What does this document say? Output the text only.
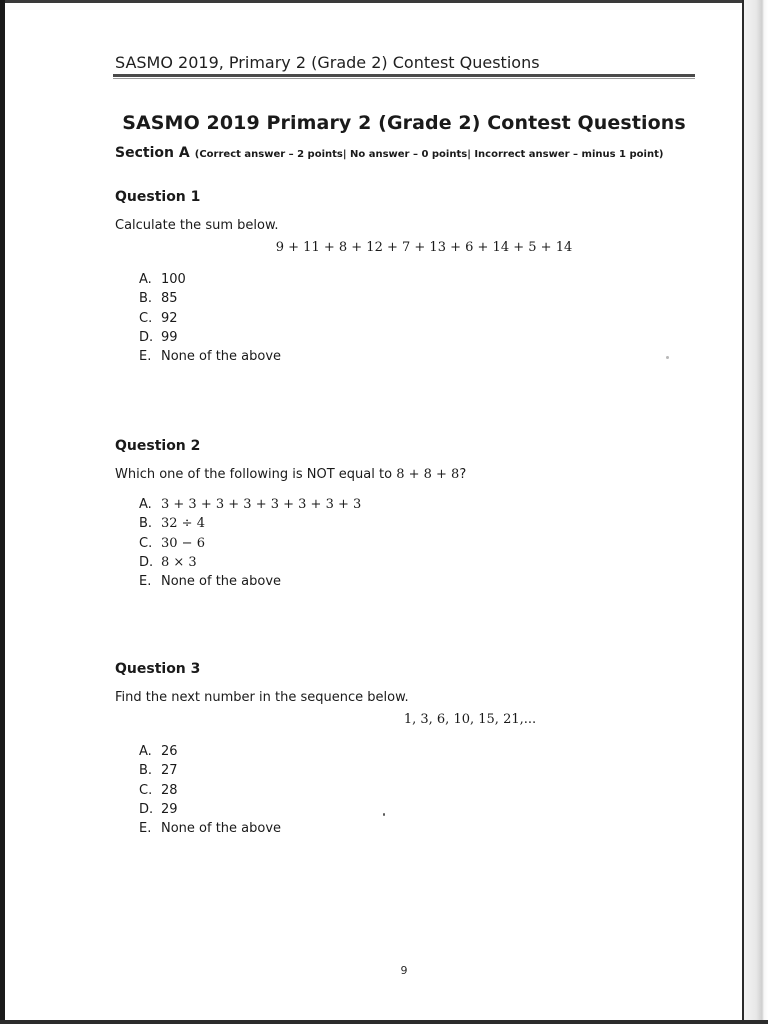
SASMO 2019, Primary 2 (Grade 2) Contest Questions
SASMO 2019 Primary 2 (Grade 2) Contest Questions
Section A (Correct answer – 2 points| No answer – 0 points| Incorrect answer – minus 1 point)
Question 1
Calculate the sum below.
9 + 11 + 8 + 12 + 7 + 13 + 6 + 14 + 5 + 14
A. 100
B. 85
C. 92
D. 99
E. None of the above
Question 2
Which one of the following is NOT equal to 8 + 8 + 8?
A. 3 + 3 + 3 + 3 + 3 + 3 + 3 + 3
B. 32 ÷ 4
C. 30 − 6
D. 8 × 3
E. None of the above
Question 3
Find the next number in the sequence below.
1, 3, 6, 10, 15, 21,...
A. 26
B. 27
C. 28
D. 29
E. None of the above
9
